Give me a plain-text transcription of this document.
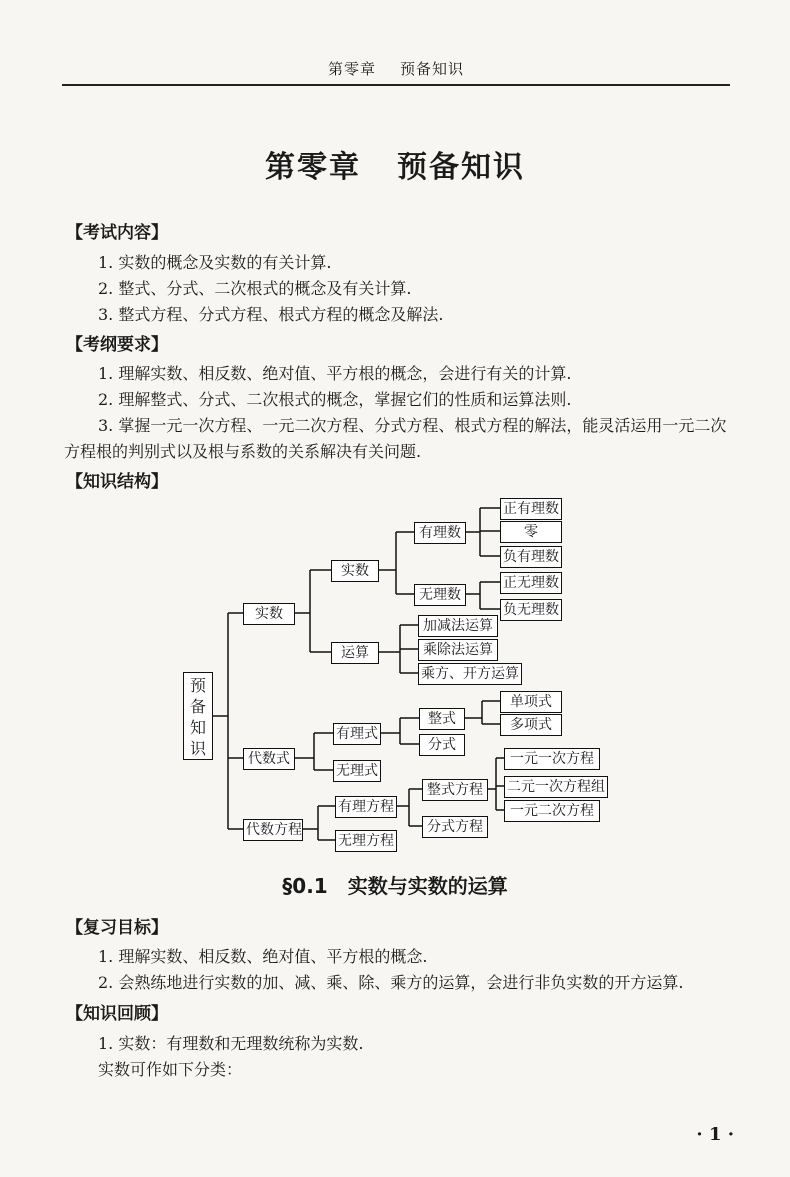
第零章 预备知识
第零章 预备知识
【考试内容】
1. 实数的概念及实数的有关计算.
2. 整式、分式、二次根式的概念及有关计算.
3. 整式方程、分式方程、根式方程的概念及解法.
【考纲要求】
1. 理解实数、相反数、绝对值、平方根的概念，会进行有关的计算.
2. 理解整式、分式、二次根式的概念，掌握它们的性质和运算法则.
3. 掌握一元一次方程、一元二次方程、分式方程、根式方程的解法，能灵活运用一元二次
方程根的判别式以及根与系数的关系解决有关问题.
【知识结构】
预
备
知
识
实数
实数
有理数
正有理数
零
负有理数
无理数
正无理数
负无理数
运算
加减法运算
乘除法运算
乘方、开方运算
代数式
有理式
整式
单项式
多项式
分式
无理式
代数方程
有理方程
整式方程
一元一次方程
二元一次方程组
一元二次方程
分式方程
无理方程
§0.1 实数与实数的运算
【复习目标】
1. 理解实数、相反数、绝对值、平方根的概念.
2. 会熟练地进行实数的加、减、乘、除、乘方的运算，会进行非负实数的开方运算.
【知识回顾】
1. 实数：有理数和无理数统称为实数.
实数可作如下分类：
· 1 ·
